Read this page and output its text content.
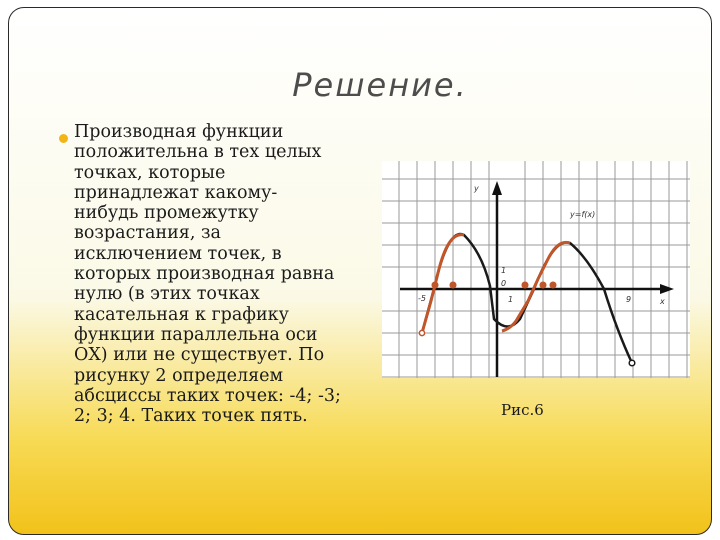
Решение.
Производная функции
положительна в тех целых
точках, которые
принадлежат какому-
нибудь промежутку
возрастания, за
исключением точек, в
которых производная равна
нулю (в этих точках
касательная к графику
функции параллельна оси
ОХ) или не существует. По
рисунку 2 определяем
абсциссы таких точек: -4; -3;
2; 3; 4. Таких точек пять.
y
x
y=f(x)
-5
1
0
1	9
Рис.6
